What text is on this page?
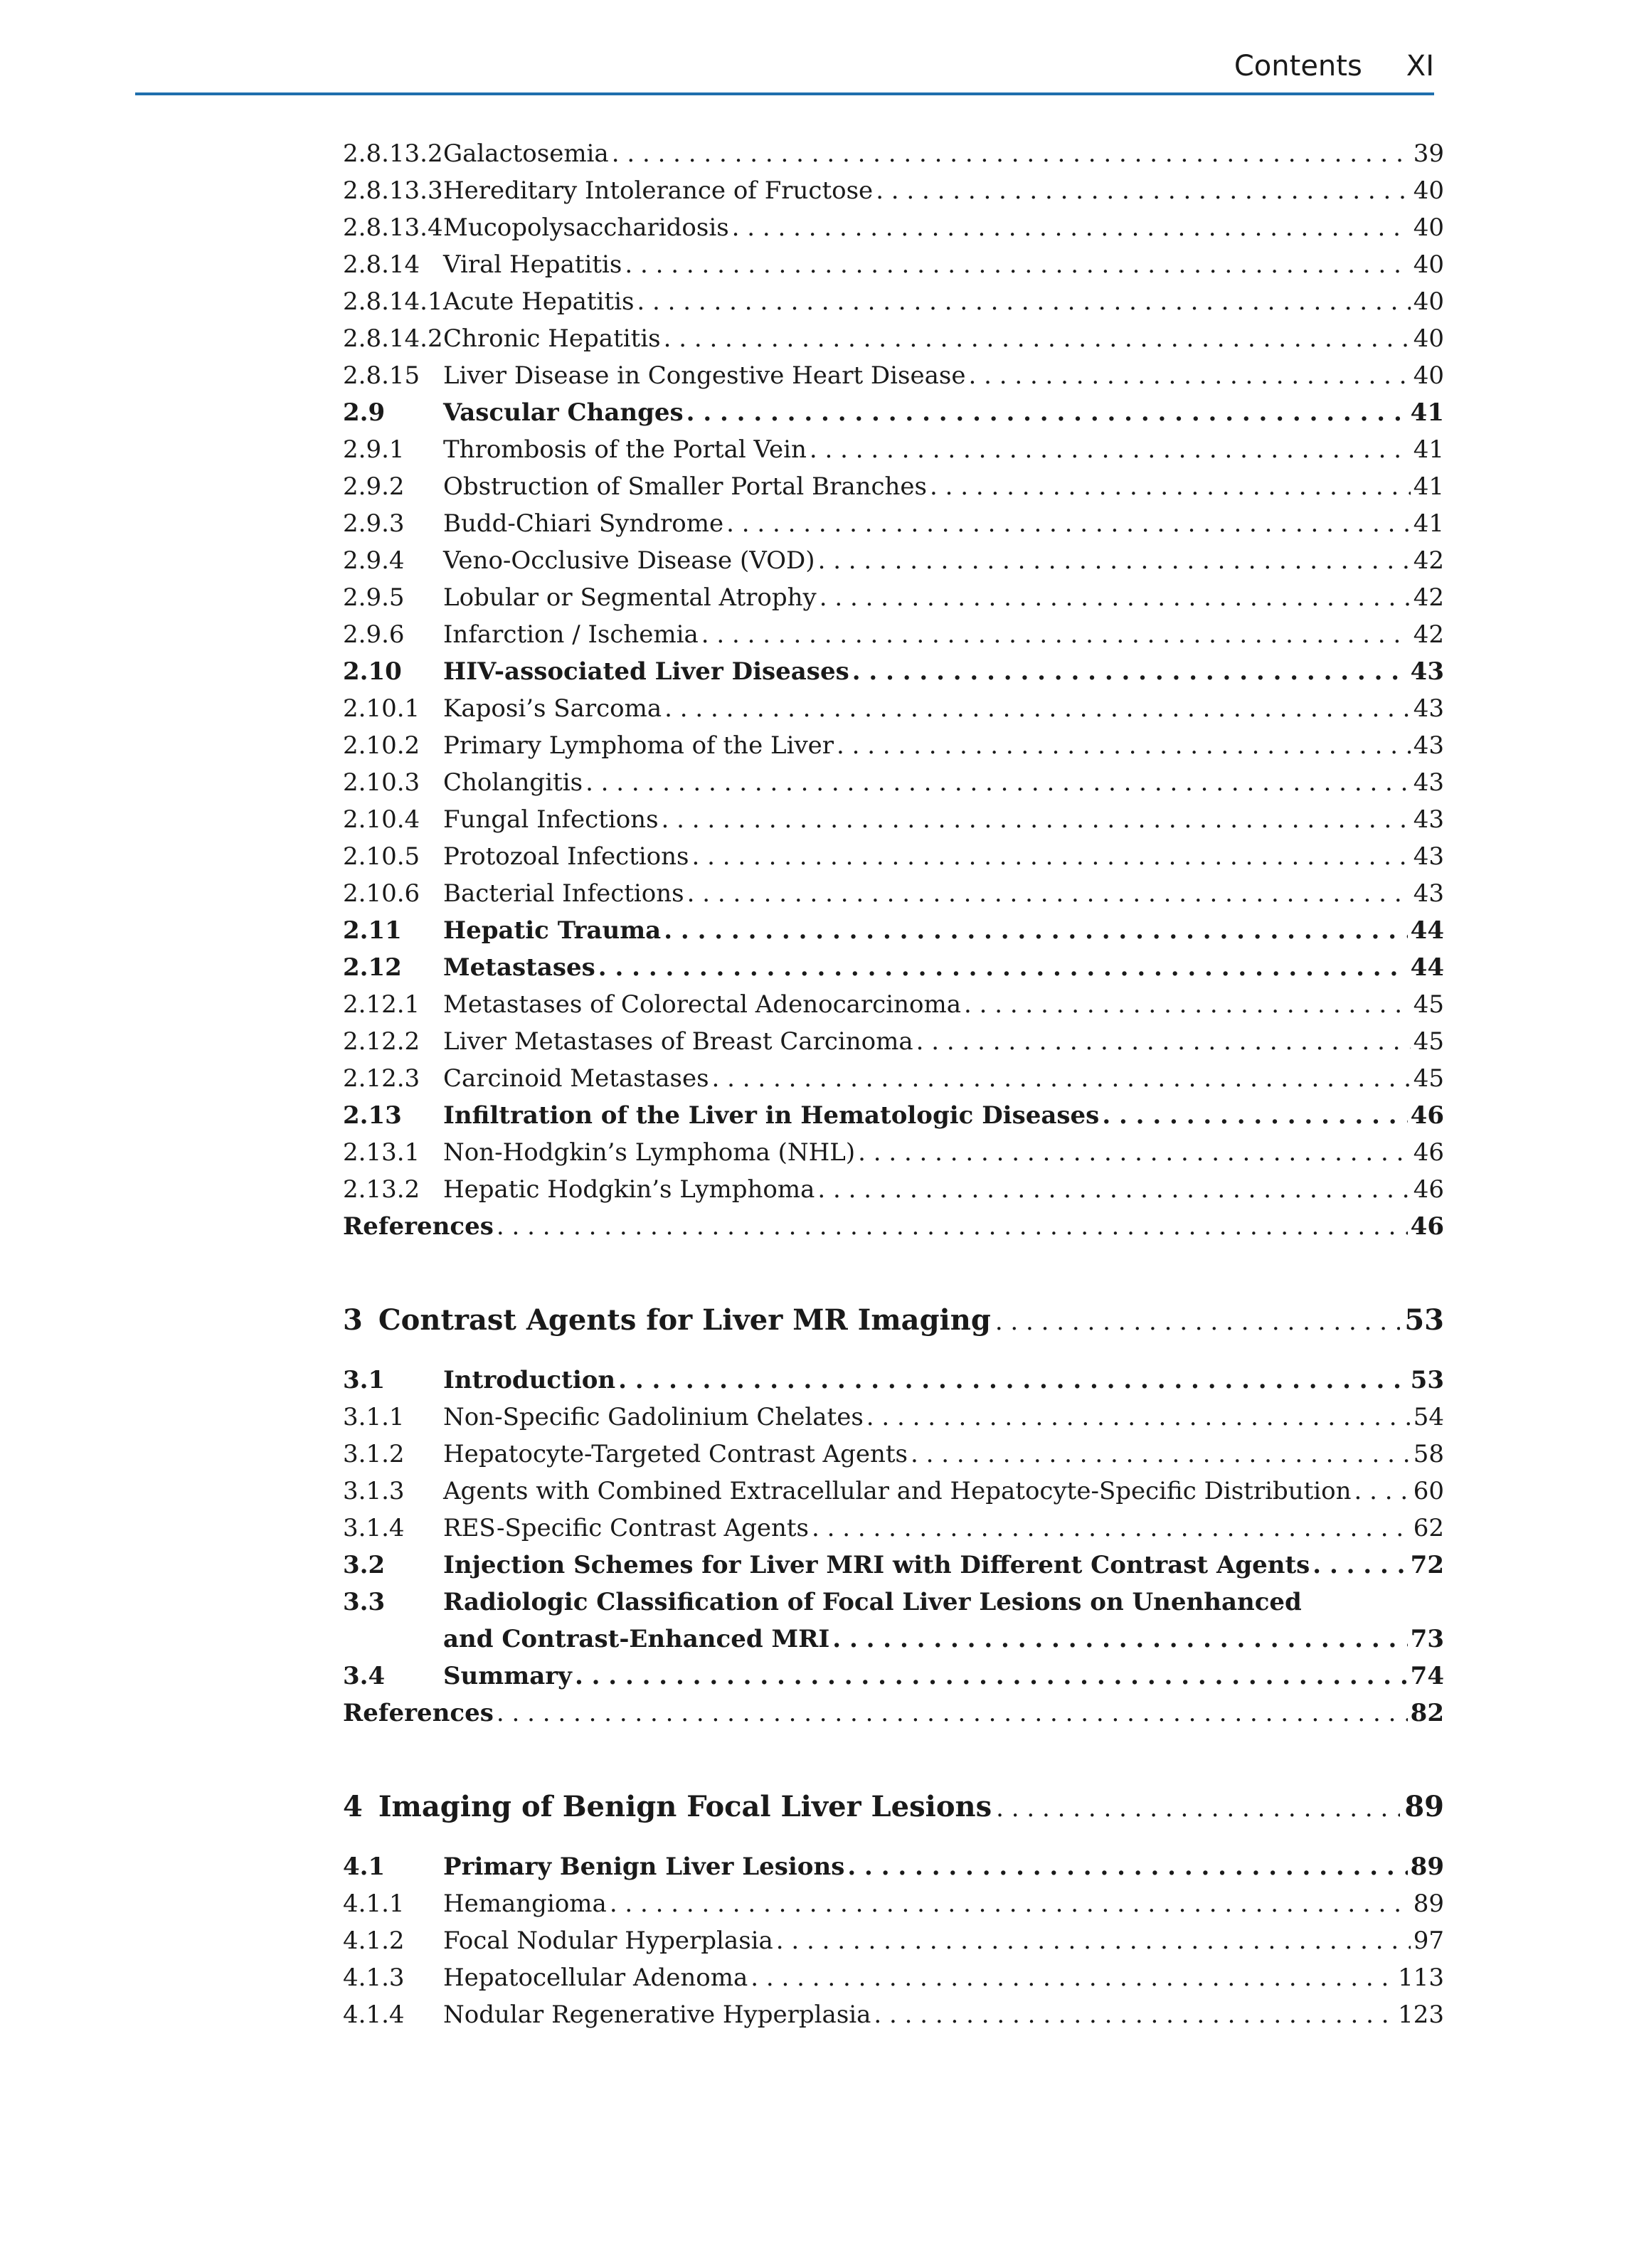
Contents XI
2.8.13.2 Galactosemia . . .	39
2.8.13.3 Hereditary Intolerance of Fructose . . .	40
2.8.13.4 Mucopolysaccharidosis . . .	40
2.8.14 Viral Hepatitis . . .	40
2.8.14.1 Acute Hepatitis . . .	40
2.8.14.2 Chronic Hepatitis . . .	40
2.8.15 Liver Disease in Congestive Heart Disease . . .	40
2.9	Vascular Changes . . .	41
2.9.1	Thrombosis of the Portal Vein . . .	41
2.9.2	Obstruction of Smaller Portal Branches . . .	41
2.9.3	Budd-Chiari Syndrome . . .	41
2.9.4	Veno-Occlusive Disease (VOD) . . .	42
2.9.5	Lobular or Segmental Atrophy . . .	42
2.9.6	Infarction / Ischemia . . .	42
2.10	HIV-associated Liver Diseases . . .	43
2.10.1 Kaposi’s Sarcoma . . .	43
2.10.2 Primary Lymphoma of the Liver . . .	43
2.10.3 Cholangitis . . .	43
2.10.4 Fungal Infections . . .	43
2.10.5 Protozoal Infections . . .	43
2.10.6 Bacterial Infections . . .	43
2.11	Hepatic Trauma . . .	44
2.12	Metastases . . .	44
2.12.1 Metastases of Colorectal Adenocarcinoma . . .	45
2.12.2 Liver Metastases of Breast Carcinoma . . .	45
2.12.3 Carcinoid Metastases . . .	45
2.13	Infiltration of the Liver in Hematologic Diseases . . .	46
2.13.1 Non-Hodgkin’s Lymphoma (NHL) . . .	46
2.13.2 Hepatic Hodgkin’s Lymphoma . . .	46
References . . .	46
3 Contrast Agents for Liver MR Imaging . . .	53
3.1	Introduction . . .	53
3.1.1	Non-Specific Gadolinium Chelates . . .	54
3.1.2	Hepatocyte-Targeted Contrast Agents . . .	58
3.1.3	Agents with Combined Extracellular and Hepatocyte-Specific Distribution . . .	60
3.1.4	RES-Specific Contrast Agents . . .	62
3.2	Injection Schemes for Liver MRI with Different Contrast Agents . . .	72
3.3	Radiologic Classification of Focal Liver Lesions on Unenhanced
and Contrast-Enhanced MRI . . .	73
3.4	Summary . . .	74
References . . .	82
4 Imaging of Benign Focal Liver Lesions . . .	89
4.1	Primary Benign Liver Lesions . . .	89
4.1.1	Hemangioma . . .	89
4.1.2	Focal Nodular Hyperplasia . . .	97
4.1.3	Hepatocellular Adenoma . . .	113
4.1.4	Nodular Regenerative Hyperplasia . . .	123
